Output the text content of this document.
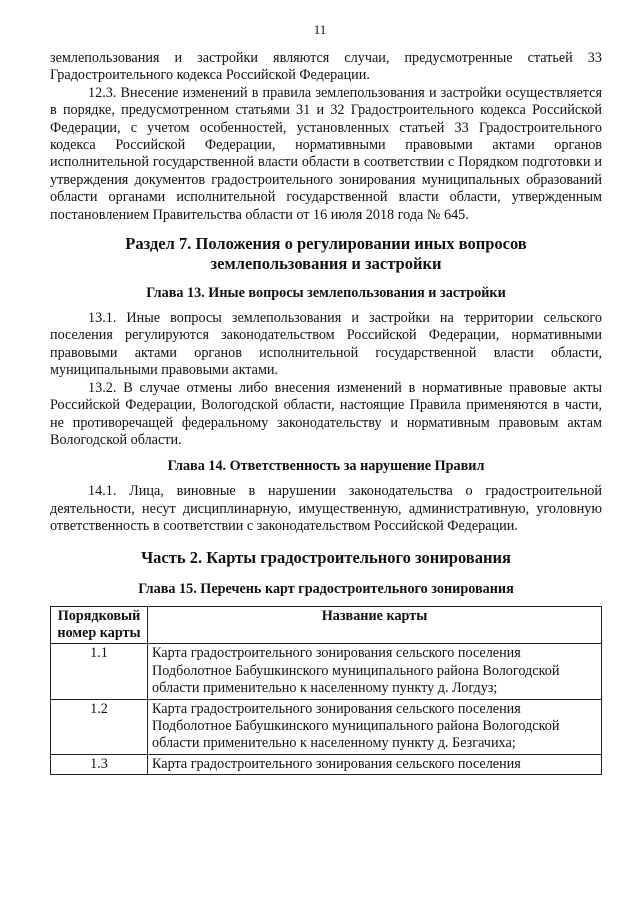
11

землепользования и застройки являются случаи, предусмотренные статьей 33 Градостроительного кодекса Российской Федерации.

12.3. Внесение изменений в правила землепользования и застройки осуществляется в порядке, предусмотренном статьями 31 и 32 Градостроительного кодекса Российской Федерации, с учетом особенностей, установленных статьей 33 Градостроительного кодекса Российской Федерации, нормативными правовыми актами органов исполнительной государственной власти области в соответствии с Порядком подготовки и утверждения документов градостроительного зонирования муниципальных образований области органами исполнительной государственной власти области, утвержденным постановлением Правительства области от 16 июля 2018 года № 645.

Раздел 7. Положения о регулировании иных вопросов
землепользования и застройки
Глава 13. Иные вопросы землепользования и застройки

13.1. Иные вопросы землепользования и застройки на территории сельского поселения регулируются законодательством Российской Федерации, нормативными правовыми актами органов исполнительной государственной власти области, муниципальными правовыми актами.

13.2. В случае отмены либо внесения изменений в нормативные правовые акты Российской Федерации, Вологодской области, настоящие Правила применяются в части, не противоречащей федеральному законодательству и нормативным правовым актам Вологодской области.

Глава 14. Ответственность за нарушение Правил

14.1. Лица, виновные в нарушении законодательства о градостроительной деятельности, несут дисциплинарную, имущественную, административную, уголовную ответственность в соответствии с законодательством Российской Федерации.

Часть 2. Карты градостроительного зонирования
Глава 15. Перечень карт градостроительного зонирования
Порядковый номер карты	Название карты
1.1	Карта градостроительного зонирования сельского поселения Подболотное Бабушкинского муниципального района Вологодской области применительно к населенному пункту д. Логдуз;
1.2	Карта градостроительного зонирования сельского поселения Подболотное Бабушкинского муниципального района Вологодской области применительно к населенному пункту д. Безгачиха;
1.3	Карта градостроительного зонирования сельского поселения
